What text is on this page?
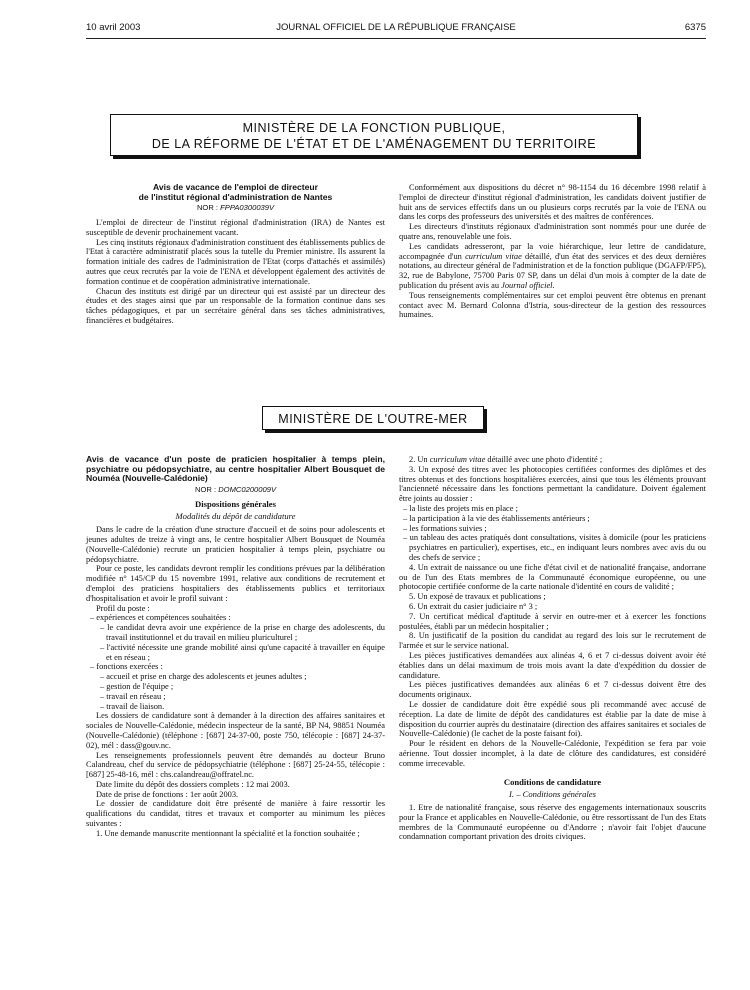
10 avril 2003	JOURNAL OFFICIEL DE LA RÉPUBLIQUE FRANÇAISE	6375
MINISTÈRE DE LA FONCTION PUBLIQUE,
DE LA RÉFORME DE L'ÉTAT ET DE L'AMÉNAGEMENT DU TERRITOIRE
Avis de vacance de l'emploi de directeur
de l'institut régional d'administration de Nantes
NOR : FPPA0300039V

L'emploi de directeur de l'institut régional d'administration (IRA) de Nantes est susceptible de devenir prochainement vacant.

Les cinq instituts régionaux d'administration constituent des établissements publics de l'Etat à caractère administratif placés sous la tutelle du Premier ministre. Ils assurent la formation initiale des cadres de l'administration de l'Etat (corps d'attachés et assimilés) autres que ceux recrutés par la voie de l'ENA et développent également des activités de formation continue et de coopération administrative internationale.

Chacun des instituts est dirigé par un directeur qui est assisté par un directeur des études et des stages ainsi que par un responsable de la formation continue dans ses tâches pédagogiques, et par un secrétaire général dans ses tâches administratives, financières et budgétaires.

Conformément aux dispositions du décret n° 98-1154 du 16 décembre 1998 relatif à l'emploi de directeur d'institut régional d'administration, les candidats doivent justifier de huit ans de services effectifs dans un ou plusieurs corps recrutés par la voie de l'ENA ou dans les corps des professeurs des universités et des maîtres de conférences.

Les directeurs d'instituts régionaux d'administration sont nommés pour une durée de quatre ans, renouvelable une fois.

Les candidats adresseront, par la voie hiérarchique, leur lettre de candidature, accompagnée d'un curriculum vitae détaillé, d'un état des services et des deux dernières notations, au directeur général de l'administration et de la fonction publique (DGAFP/FP5), 32, rue de Babylone, 75700 Paris 07 SP, dans un délai d'un mois à compter de la date de publication du présent avis au Journal officiel.

Tous renseignements complémentaires sur cet emploi peuvent être obtenus en prenant contact avec M. Bernard Colonna d'Istria, sous-directeur de la gestion des ressources humaines.

MINISTÈRE DE L'OUTRE-MER
Avis de vacance d'un poste de praticien hospitalier à temps plein, psychiatre ou pédopsychiatre, au centre hospitalier Albert Bousquet de Nouméa (Nouvelle-Calédonie)
NOR : DOMC0200009V
Dispositions générales
Modalités du dépôt de candidature

Dans le cadre de la création d'une structure d'accueil et de soins pour adolescents et jeunes adultes de treize à vingt ans, le centre hospitalier Albert Bousquet de Nouméa (Nouvelle-Calédonie) recrute un praticien hospitalier à temps plein, psychiatre ou pédopsychiatre.

Pour ce poste, les candidats devront remplir les conditions prévues par la délibération modifiée n° 145/CP du 15 novembre 1991, relative aux conditions de recrutement et d'emploi des praticiens hospitaliers des établissements publics et territoriaux d'hospitalisation et avoir le profil suivant :

Profil du poste :

– expériences et compétences souhaitées :

– le candidat devra avoir une expérience de la prise en charge des adolescents, du travail institutionnel et du travail en milieu pluriculturel ;

– l'activité nécessite une grande mobilité ainsi qu'une capacité à travailler en équipe et en réseau ;

– fonctions exercées :

– accueil et prise en charge des adolescents et jeunes adultes ;

– gestion de l'équipe ;

– travail en réseau ;

– travail de liaison.

Les dossiers de candidature sont à demander à la direction des affaires sanitaires et sociales de Nouvelle-Calédonie, médecin inspecteur de la santé, BP N4, 98851 Nouméa (Nouvelle-Calédonie) (téléphone : [687] 24-37-00, poste 750, télécopie : [687] 24-37-02), mél : dass@gouv.nc.

Les renseignements professionnels peuvent être demandés au docteur Bruno Calandreau, chef du service de pédopsychiatrie (téléphone : [687] 25-24-55, télécopie : [687] 25-48-16, mél : chs.calandreau@offratel.nc.

Date limite du dépôt des dossiers complets : 12 mai 2003.

Date de prise de fonctions : 1er août 2003.

Le dossier de candidature doit être présenté de manière à faire ressortir les qualifications du candidat, titres et travaux et comporter au minimum les pièces suivantes :

1. Une demande manuscrite mentionnant la spécialité et la fonction souhaitée ;

2. Un curriculum vitae détaillé avec une photo d'identité ;

3. Un exposé des titres avec les photocopies certifiées conformes des diplômes et des titres obtenus et des fonctions hospitalières exercées, ainsi que tous les éléments prouvant l'ancienneté nécessaire dans les fonctions permettant la candidature. Doivent également être joints au dossier :

– la liste des projets mis en place ;

– la participation à la vie des établissements antérieurs ;

– les formations suivies ;

– un tableau des actes pratiqués dont consultations, visites à domicile (pour les praticiens psychiatres en particulier), expertises, etc., en indiquant leurs nombres avec avis du ou des chefs de service ;

4. Un extrait de naissance ou une fiche d'état civil et de nationalité française, andorrane ou de l'un des Etats membres de la Communauté économique européenne, ou une photocopie certifiée conforme de la carte nationale d'identité en cours de validité ;

5. Un exposé de travaux et publications ;

6. Un extrait du casier judiciaire n° 3 ;

7. Un certificat médical d'aptitude à servir en outre-mer et à exercer les fonctions postulées, établi par un médecin hospitalier ;

8. Un justificatif de la position du candidat au regard des lois sur le recrutement de l'armée et sur le service national.

Les pièces justificatives demandées aux alinéas 4, 6 et 7 ci-dessus doivent avoir été établies dans un délai maximum de trois mois avant la date d'expédition du dossier de candidature.

Les pièces justificatives demandées aux alinéas 6 et 7 ci-dessus doivent être des documents originaux.

Le dossier de candidature doit être expédié sous pli recommandé avec accusé de réception. La date de limite de dépôt des candidatures est établie par la date de mise à disposition du courrier auprès du destinataire (direction des affaires sanitaires et sociales de Nouvelle-Calédonie) (le cachet de la poste faisant foi).

Pour le résident en dehors de la Nouvelle-Calédonie, l'expédition se fera par voie aérienne. Tout dossier incomplet, à la date de clôture des candidatures, est considéré comme irrecevable.

Conditions de candidature
I. – Conditions générales

1. Etre de nationalité française, sous réserve des engagements internationaux souscrits pour la France et applicables en Nouvelle-Calédonie, ou être ressortissant de l'un des Etats membres de la Communauté européenne ou d'Andorre ; n'avoir fait l'objet d'aucune condamnation comportant privation des droits civiques.
